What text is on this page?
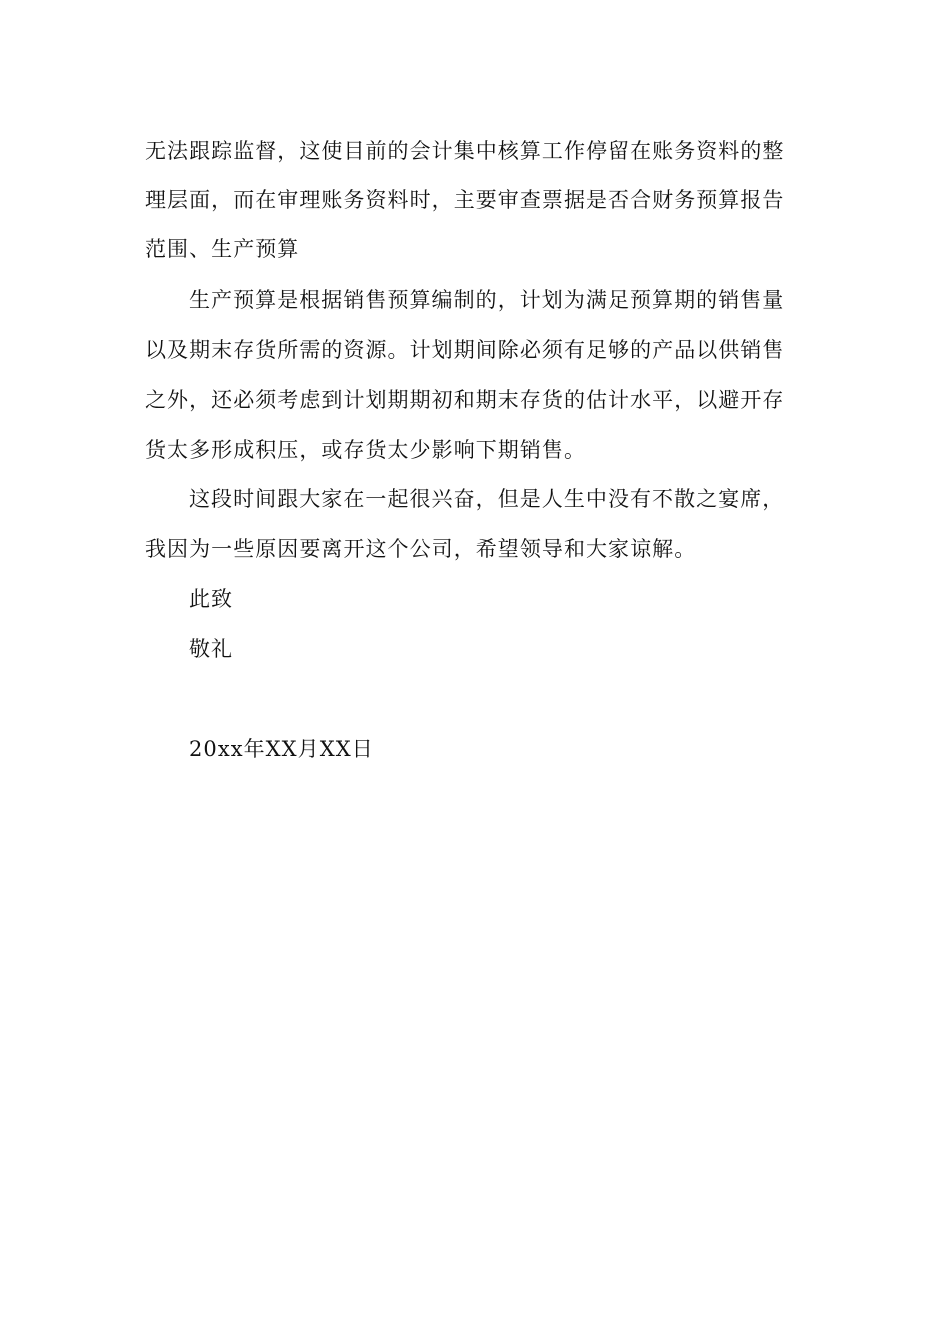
无法跟踪监督，这使目前的会计集中核算工作停留在账务资料的整
理层面，而在审理账务资料时，主要审查票据是否合财务预算报告
范围、生产预算
生产预算是根据销售预算编制的，计划为满足预算期的销售量
以及期末存货所需的资源。计划期间除必须有足够的产品以供销售
之外，还必须考虑到计划期期初和期末存货的估计水平，以避开存
货太多形成积压，或存货太少影响下期销售。
这段时间跟大家在一起很兴奋，但是人生中没有不散之宴席，
我因为一些原因要离开这个公司，希望领导和大家谅解。
此致
敬礼
20xx年XX月XX日
